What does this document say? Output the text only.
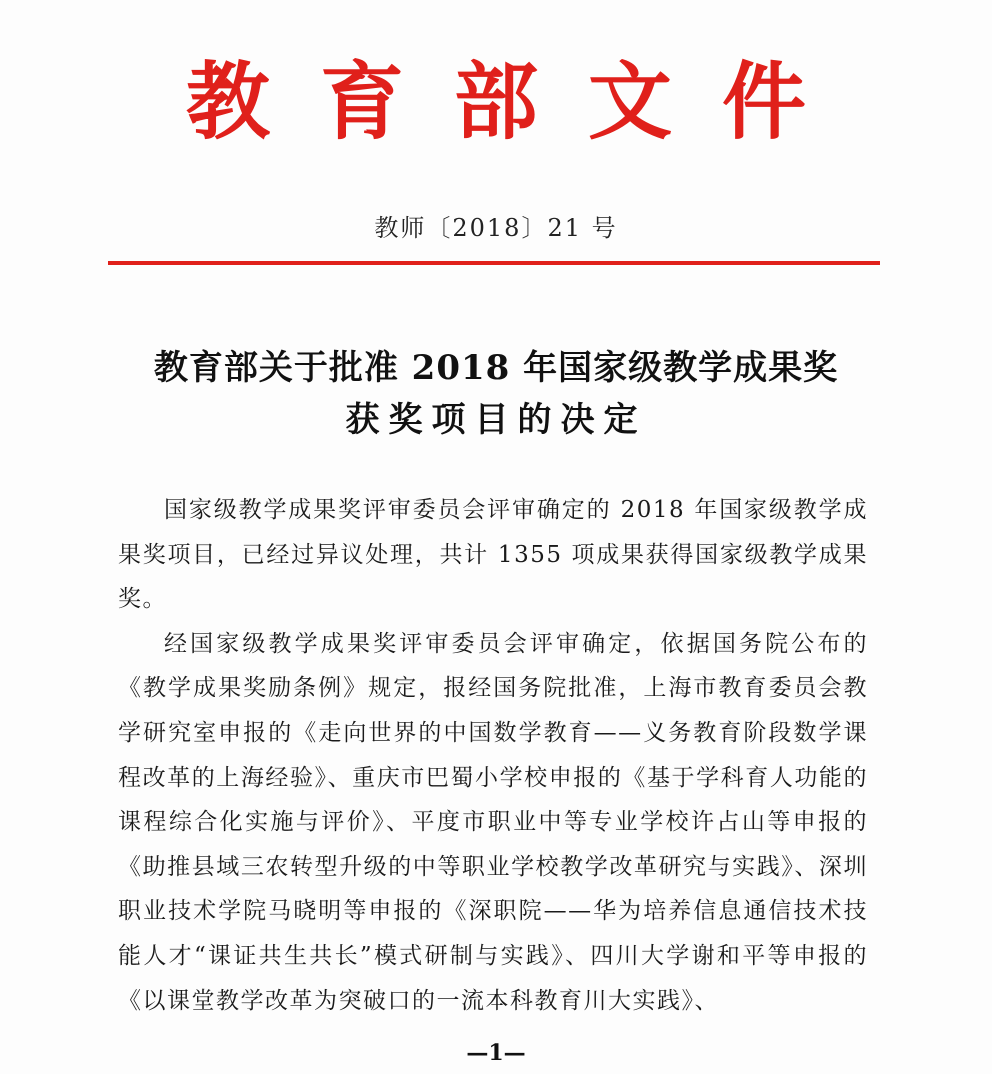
教育部文件
教师〔2018〕21 号
教育部关于批准 2018 年国家级教学成果奖
获奖项目的决定

国家级教学成果奖评审委员会评审确定的 2018 年国家级教学成果奖项目，已经过异议处理，共计 1355 项成果获得国家级教学成果奖。

经国家级教学成果奖评审委员会评审确定，依据国务院公布的《教学成果奖励条例》规定，报经国务院批准，上海市教育委员会教学研究室申报的《走向世界的中国数学教育——义务教育阶段数学课程改革的上海经验》、重庆市巴蜀小学校申报的《基于学科育人功能的课程综合化实施与评价》、平度市职业中等专业学校许占山等申报的《助推县域三农转型升级的中等职业学校教学改革研究与实践》、深圳职业技术学院马晓明等申报的《深职院——华为培养信息通信技术技能人才“课证共生共长”模式研制与实践》、四川大学谢和平等申报的《以课堂教学改革为突破口的一流本科教育川大实践》、

—1—
